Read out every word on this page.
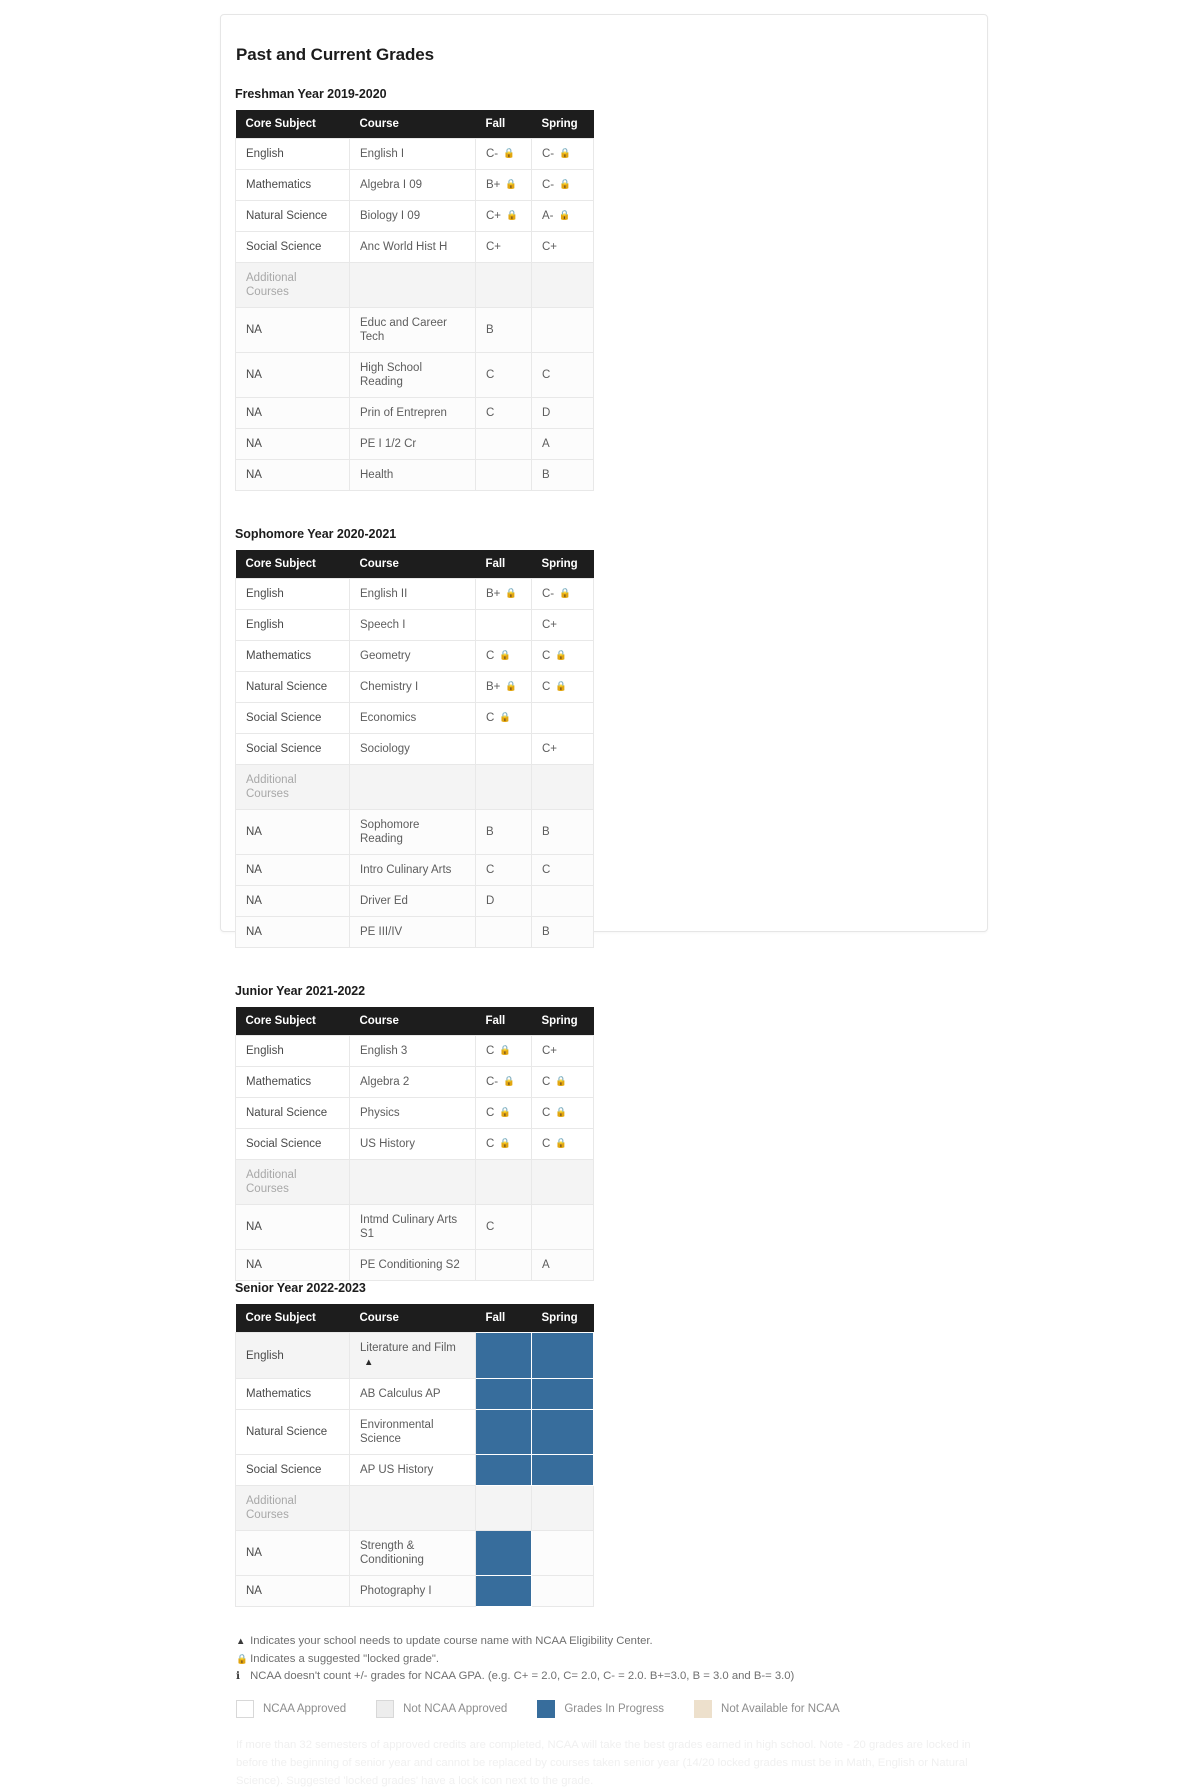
Past and Current Grades
Freshman Year 2019-2020
Core Subject	Course	Fall	Spring
English	English I	C- 🔒	C- 🔒
Mathematics	Algebra I 09	B+ 🔒	C- 🔒
Natural Science	Biology I 09	C+ 🔒	A- 🔒
Social Science	Anc World Hist H	C+	C+
Additional Courses			
NA	Educ and Career Tech	B	
NA	High School Reading	C	C
NA	Prin of Entrepren	C	D
NA	PE I 1/2 Cr		A
NA	Health		B
Sophomore Year 2020-2021
Core Subject	Course	Fall	Spring
English	English II	B+ 🔒	C- 🔒
English	Speech I		C+
Mathematics	Geometry	C 🔒	C 🔒
Natural Science	Chemistry I	B+ 🔒	C 🔒
Social Science	Economics	C 🔒	
Social Science	Sociology		C+
Additional Courses			
NA	Sophomore Reading	B	B
NA	Intro Culinary Arts	C	C
NA	Driver Ed	D	
NA	PE III/IV		B
Junior Year 2021-2022
Core Subject	Course	Fall	Spring
English	English 3	C 🔒	C+
Mathematics	Algebra 2	C- 🔒	C 🔒
Natural Science	Physics	C 🔒	C 🔒
Social Science	US History	C 🔒	C 🔒
Additional Courses			
NA	Intmd Culinary Arts S1	C	
NA	PE Conditioning S2		A
Senior Year 2022-2023
Core Subject	Course	Fall	Spring
English	Literature and Film▲		
Mathematics	AB Calculus AP		
Natural Science	Environmental Science		
Social Science	AP US History		
Additional Courses			
NA	Strength & Conditioning		
NA	Photography I		
▲ Indicates your school needs to update course name with NCAA Eligibility Center.
🔒 Indicates a suggested "locked grade".
ℹ NCAA doesn't count +/- grades for NCAA GPA. (e.g. C+ = 2.0, C= 2.0, C- = 2.0. B+=3.0, B = 3.0 and B-= 3.0)
NCAA Approved	Not NCAA Approved	Grades In Progress	Not Available for NCAA
If more than 32 semesters of approved credits are completed, NCAA will take the best grades earned in high school. Note - 20 grades are locked in before the beginning of senior year and cannot be replaced by courses taken senior year (14/20 locked grades must be in Math, English or Natural Science). Suggested 'locked grades' have a lock icon next to the grade.
